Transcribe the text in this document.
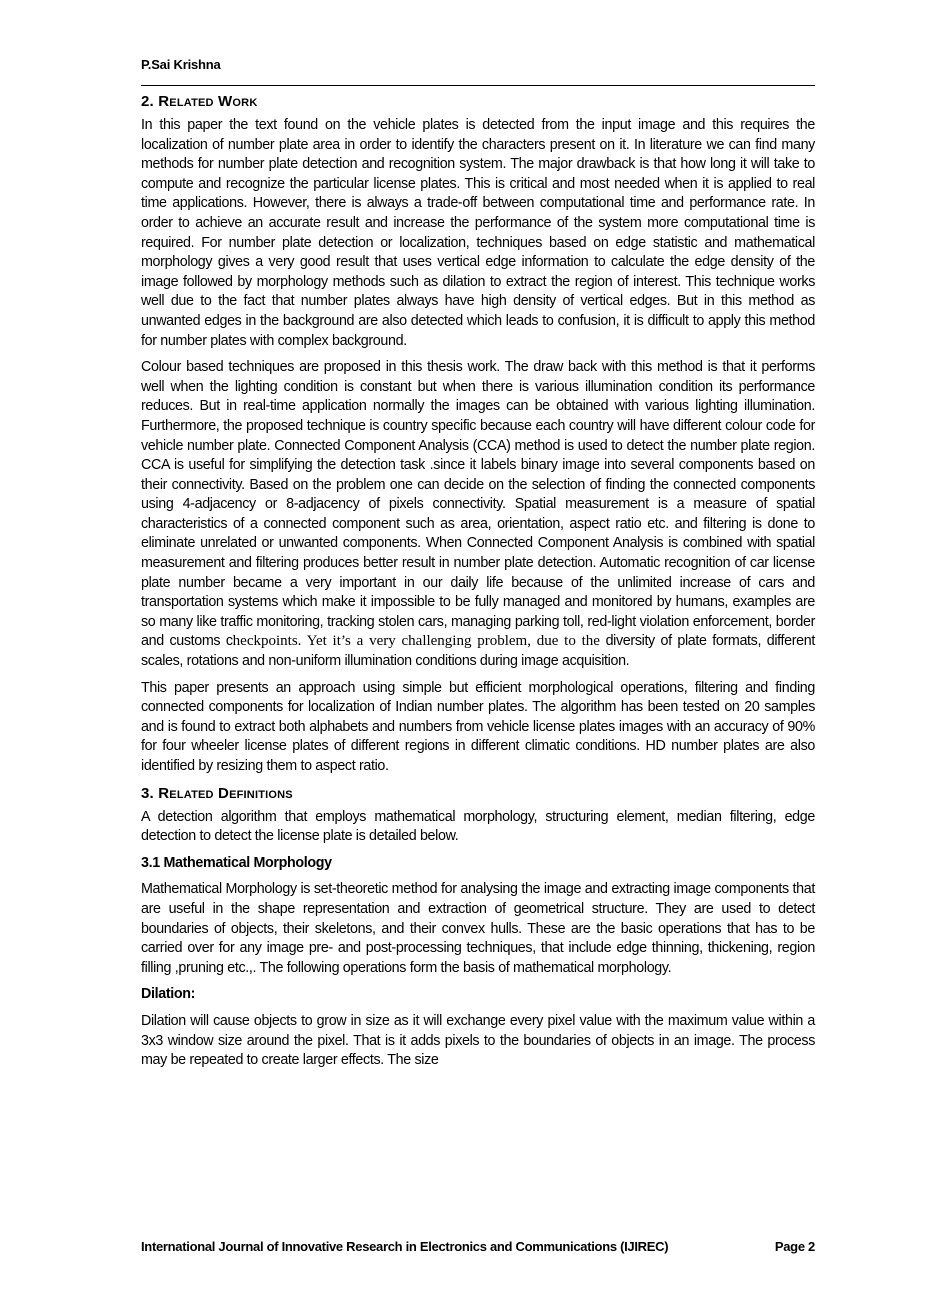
P.Sai Krishna
2. Related Work

In this paper the text found on the vehicle plates is detected from the input image and this requires the localization of number plate area in order to identify the characters present on it. In literature we can find many methods for number plate detection and recognition system. The major drawback is that how long it will take to compute and recognize the particular license plates. This is critical and most needed when it is applied to real time applications. However, there is always a trade-off between computational time and performance rate. In order to achieve an accurate result and increase the performance of the system more computational time is required. For number plate detection or localization, techniques based on edge statistic and mathematical morphology gives a very good result that uses vertical edge information to calculate the edge density of the image followed by morphology methods such as dilation to extract the region of interest. This technique works well due to the fact that number plates always have high density of vertical edges. But in this method as unwanted edges in the background are also detected which leads to confusion, it is difficult to apply this method for number plates with complex background.

Colour based techniques are proposed in this thesis work. The draw back with this method is that it performs well when the lighting condition is constant but when there is various illumination condition its performance reduces. But in real-time application normally the images can be obtained with various lighting illumination. Furthermore, the proposed technique is country specific because each country will have different colour code for vehicle number plate. Connected Component Analysis (CCA) method is used to detect the number plate region. CCA is useful for simplifying the detection task .since it labels binary image into several components based on their connectivity. Based on the problem one can decide on the selection of finding the connected components using 4-adjacency or 8-adjacency of pixels connectivity. Spatial measurement is a measure of spatial characteristics of a connected component such as area, orientation, aspect ratio etc. and filtering is done to eliminate unrelated or unwanted components. When Connected Component Analysis is combined with spatial measurement and filtering produces better result in number plate detection. Automatic recognition of car license plate number became a very important in our daily life because of the unlimited increase of cars and transportation systems which make it impossible to be fully managed and monitored by humans, examples are so many like traffic monitoring, tracking stolen cars, managing parking toll, red-light violation enforcement, border and customs checkpoints. Yet it’s a very challenging problem, due to the diversity of plate formats, different scales, rotations and non-uniform illumination conditions during image acquisition.

This paper presents an approach using simple but efficient morphological operations, filtering and finding connected components for localization of Indian number plates. The algorithm has been tested on 20 samples and is found to extract both alphabets and numbers from vehicle license plates images with an accuracy of 90% for four wheeler license plates of different regions in different climatic conditions. HD number plates are also identified by resizing them to aspect ratio.

3. Related Definitions

A detection algorithm that employs mathematical morphology, structuring element, median filtering, edge detection to detect the license plate is detailed below.

3.1 Mathematical Morphology

Mathematical Morphology is set-theoretic method for analysing the image and extracting image components that are useful in the shape representation and extraction of geometrical structure. They are used to detect boundaries of objects, their skeletons, and their convex hulls. These are the basic operations that has to be carried over for any image pre- and post-processing techniques, that include edge thinning, thickening, region filling ,pruning etc.,. The following operations form the basis of mathematical morphology.

Dilation:

Dilation will cause objects to grow in size as it will exchange every pixel value with the maximum value within a 3x3 window size around the pixel. That is it adds pixels to the boundaries of objects in an image. The process may be repeated to create larger effects. The size

International Journal of Innovative Research in Electronics and Communications (IJIREC)	Page 2
